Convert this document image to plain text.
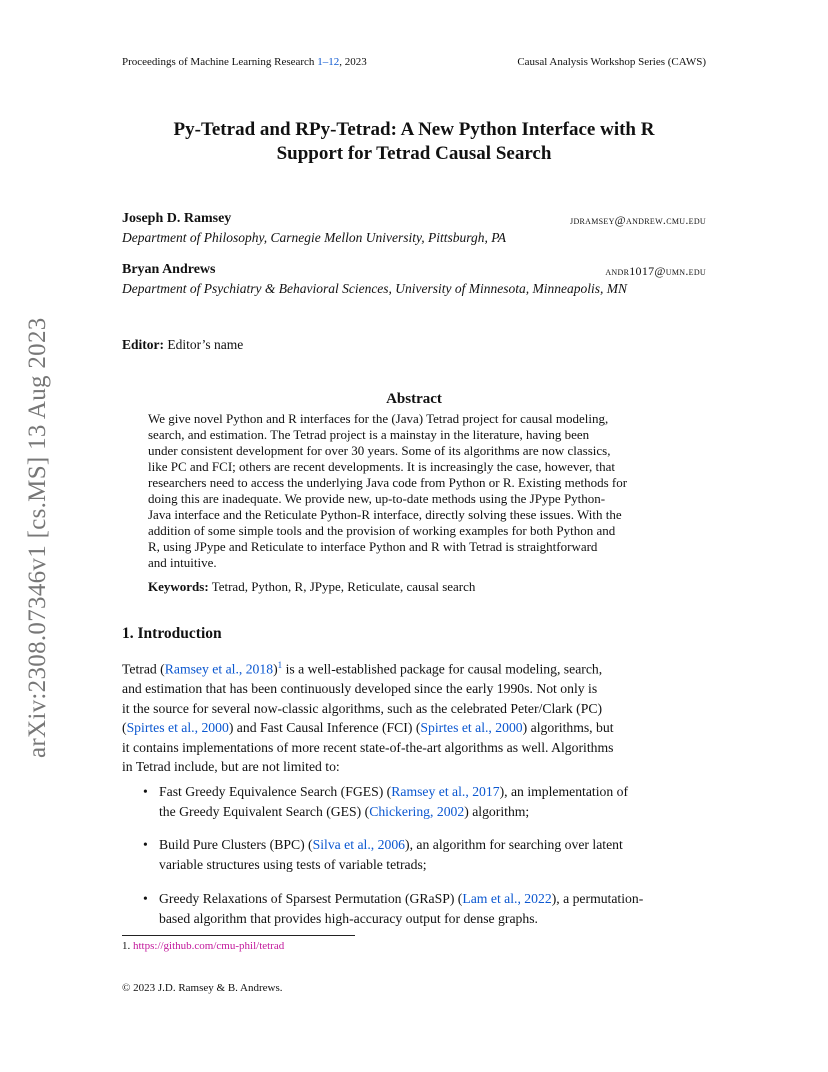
Proceedings of Machine Learning Research 1–12, 2023	Causal Analysis Workshop Series (CAWS)
arXiv:2308.07346v1 [cs.MS] 13 Aug 2023
Py-Tetrad and RPy-Tetrad: A New Python Interface with R
Support for Tetrad Causal Search
Joseph D. Ramsey	jdramsey@andrew.cmu.edu
Department of Philosophy, Carnegie Mellon University, Pittsburgh, PA
Bryan Andrews	andr1017@umn.edu
Department of Psychiatry & Behavioral Sciences, University of Minnesota, Minneapolis, MN
Editor: Editor’s name
Abstract
We give novel Python and R interfaces for the (Java) Tetrad project for causal modeling,
search, and estimation. The Tetrad project is a mainstay in the literature, having been
under consistent development for over 30 years. Some of its algorithms are now classics,
like PC and FCI; others are recent developments. It is increasingly the case, however, that
researchers need to access the underlying Java code from Python or R. Existing methods for
doing this are inadequate. We provide new, up-to-date methods using the JPype Python-
Java interface and the Reticulate Python-R interface, directly solving these issues. With the
addition of some simple tools and the provision of working examples for both Python and
R, using JPype and Reticulate to interface Python and R with Tetrad is straightforward
and intuitive.
Keywords: Tetrad, Python, R, JPype, Reticulate, causal search
1. Introduction
Tetrad (Ramsey et al., 2018)$^1$ is a well-established package for causal modeling, search,
and estimation that has been continuously developed since the early 1990s. Not only is
it the source for several now-classic algorithms, such as the celebrated Peter/Clark (PC)
(Spirtes et al., 2000) and Fast Causal Inference (FCI) (Spirtes et al., 2000) algorithms, but
it contains implementations of more recent state-of-the-art algorithms as well. Algorithms
in Tetrad include, but are not limited to:
• Fast Greedy Equivalence Search (FGES) (Ramsey et al., 2017), an implementation of
the Greedy Equivalent Search (GES) (Chickering, 2002) algorithm;
• Build Pure Clusters (BPC) (Silva et al., 2006), an algorithm for searching over latent
variable structures using tests of variable tetrads;
• Greedy Relaxations of Sparsest Permutation (GRaSP) (Lam et al., 2022), a permutation-
based algorithm that provides high-accuracy output for dense graphs.
1. https://github.com/cmu-phil/tetrad
© 2023 J.D. Ramsey & B. Andrews.
